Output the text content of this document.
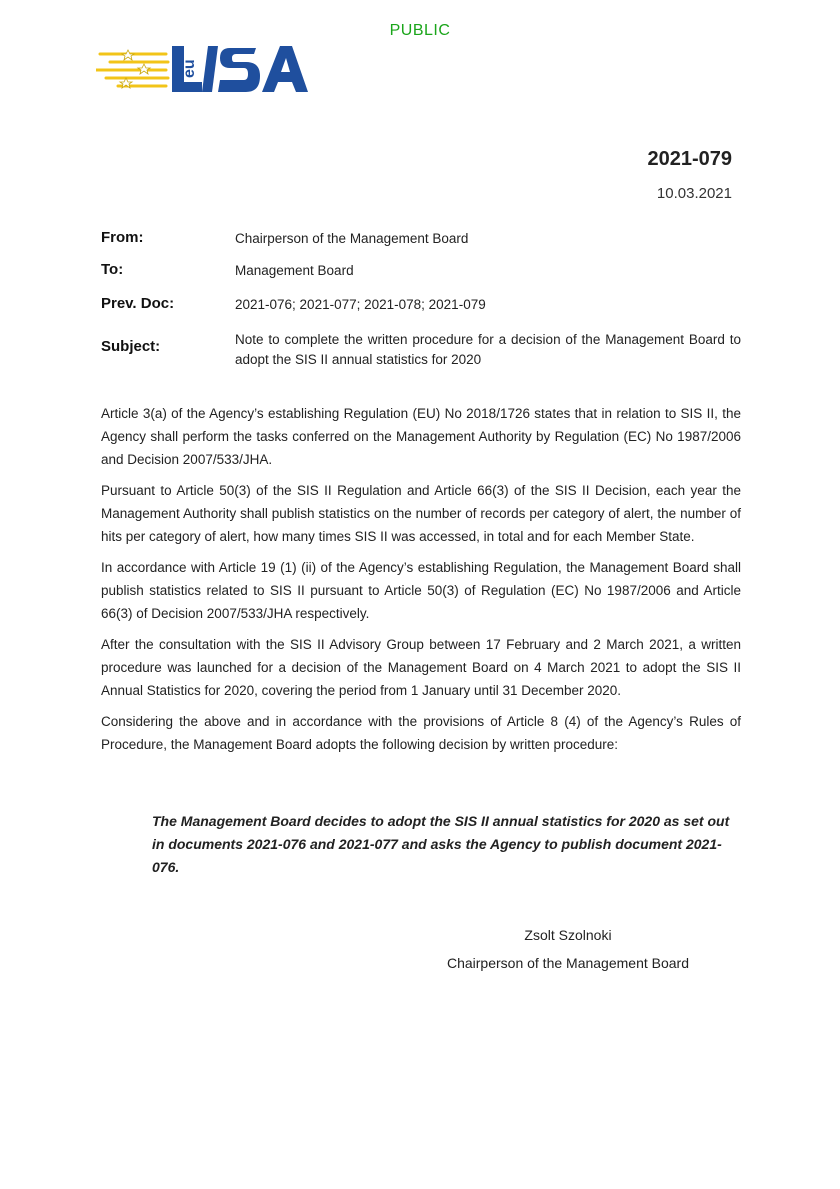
PUBLIC
eu
2021-079
10.03.2021
From:	Chairperson of the Management Board
To:	Management Board
Prev. Doc:	2021-076; 2021-077; 2021-078; 2021-079
Subject:	Note to complete the written procedure for a decision of the Management Board to adopt the SIS II annual statistics for 2020

Article 3(a) of the Agency’s establishing Regulation (EU) No 2018/1726 states that in relation to SIS II, the Agency shall perform the tasks conferred on the Management Authority by Regulation (EC) No 1987/2006 and Decision 2007/533/JHA.

Pursuant to Article 50(3) of the SIS II Regulation and Article 66(3) of the SIS II Decision, each year the Management Authority shall publish statistics on the number of records per category of alert, the number of hits per category of alert, how many times SIS II was accessed, in total and for each Member State.

In accordance with Article 19 (1) (ii) of the Agency’s establishing Regulation, the Management Board shall publish statistics related to SIS II pursuant to Article 50(3) of Regulation (EC) No 1987/2006 and Article 66(3) of Decision 2007/533/JHA respectively.

After the consultation with the SIS II Advisory Group between 17 February and 2 March 2021, a written procedure was launched for a decision of the Management Board on 4 March 2021 to adopt the SIS II Annual Statistics for 2020, covering the period from 1 January until 31 December 2020.

Considering the above and in accordance with the provisions of Article 8 (4) of the Agency’s Rules of Procedure, the Management Board adopts the following decision by written procedure:

The Management Board decides to adopt the SIS II annual statistics for 2020 as set out in documents 2021-076 and 2021-077 and asks the Agency to publish document 2021-076.
Zsolt Szolnoki
Chairperson of the Management Board
